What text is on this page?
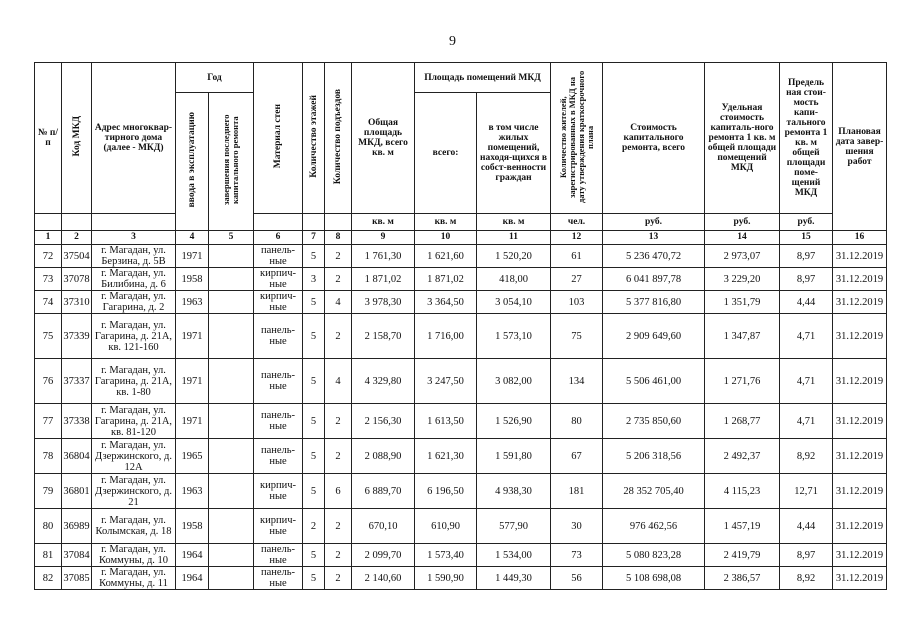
9
№ п/п	Код МКД	Адрес многоквар-тирного дома (далее - МКД)	Год		Материал стен	Количество этажей	Количество подъездов	Общая площадь МКД, всего кв. м	Площадь помещений МКД		Количество жителей, зарегистрированных в МКД на дату утверждения краткосрочного плана	Стоимость капитального ремонта, всего	Удельная стоимость капиталь-ного ремонта 1 кв. м общей площади помещений МКД	Предель ная стои-мость капи-тального ремонта 1 кв. м общей площади поме-щений МКД	Плановая дата завер-шения работ
			ввода в эксплуатацию	завершения последнего капитального ремонта					всего:	в том числе жилых помещений, находя-щихся в собст-венности граждан					
								кв. м	кв. м	кв. м	чел.	руб.	руб.	руб.	
1	2	3	4	5	6	7	8	9	10	11	12	13	14	15	16
72	37504	г. Магадан, ул. Берзина, д. 5В	1971		панель-ные	5	2	1 761,30	1 621,60	1 520,20	61	5 236 470,72	2 973,07	8,97	31.12.2019
73	37078	г. Магадан, ул. Билибина, д. 6	1958		кирпич-ные	3	2	1 871,02	1 871,02	418,00	27	6 041 897,78	3 229,20	8,97	31.12.2019
74	37310	г. Магадан, ул. Гагарина, д. 2	1963		кирпич-ные	5	4	3 978,30	3 364,50	3 054,10	103	5 377 816,80	1 351,79	4,44	31.12.2019
75	37339	г. Магадан, ул. Гагарина, д. 21А, кв. 121-160	1971		панель-ные	5	2	2 158,70	1 716,00	1 573,10	75	2 909 649,60	1 347,87	4,71	31.12.2019
76	37337	г. Магадан, ул. Гагарина, д. 21А, кв. 1-80	1971		панель-ные	5	4	4 329,80	3 247,50	3 082,00	134	5 506 461,00	1 271,76	4,71	31.12.2019
77	37338	г. Магадан, ул. Гагарина, д. 21А, кв. 81-120	1971		панель-ные	5	2	2 156,30	1 613,50	1 526,90	80	2 735 850,60	1 268,77	4,71	31.12.2019
78	36804	г. Магадан, ул. Дзержинского, д. 12А	1965		панель-ные	5	2	2 088,90	1 621,30	1 591,80	67	5 206 318,56	2 492,37	8,92	31.12.2019
79	36801	г. Магадан, ул. Дзержинского, д. 21	1963		кирпич-ные	5	6	6 889,70	6 196,50	4 938,30	181	28 352 705,40	4 115,23	12,71	31.12.2019
80	36989	г. Магадан, ул. Колымская, д. 18	1958		кирпич-ные	2	2	670,10	610,90	577,90	30	976 462,56	1 457,19	4,44	31.12.2019
81	37084	г. Магадан, ул. Коммуны, д. 10	1964		панель-ные	5	2	2 099,70	1 573,40	1 534,00	73	5 080 823,28	2 419,79	8,97	31.12.2019
82	37085	г. Магадан, ул. Коммуны, д. 11	1964		панель-ные	5	2	2 140,60	1 590,90	1 449,30	56	5 108 698,08	2 386,57	8,92	31.12.2019
